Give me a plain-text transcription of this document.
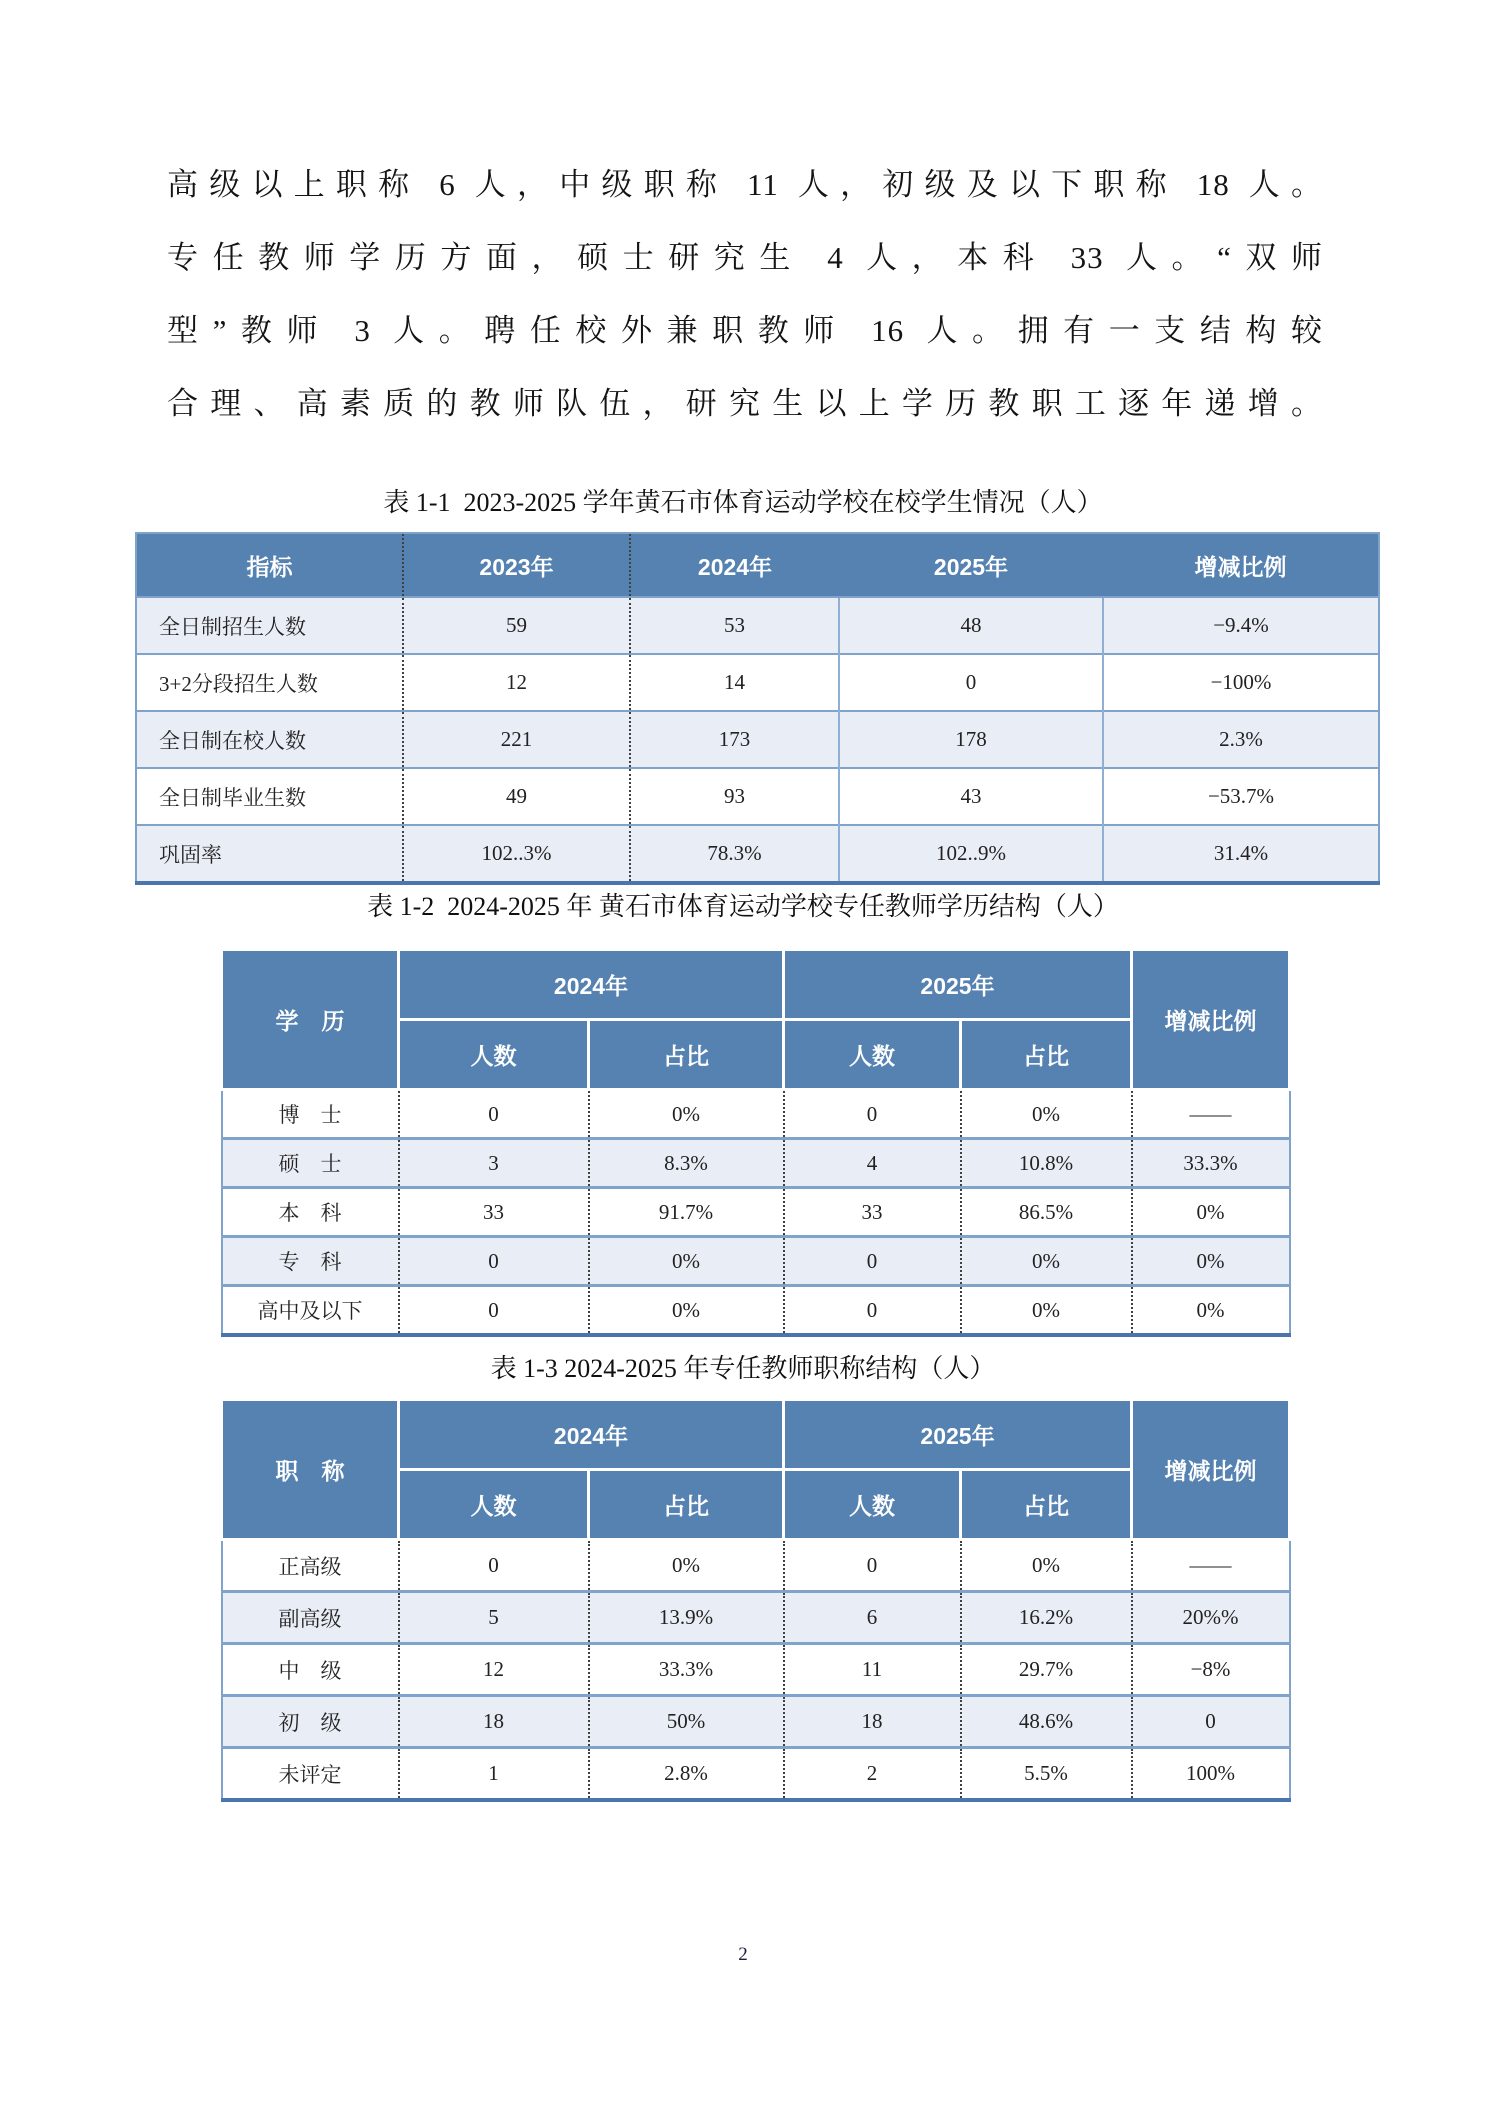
高级以上职称 6 人，中级职称 11 人，初级及以下职称 18 人。
专任教师学历方面，硕士研究生 4 人，本科 33 人。“双师
型”教师 3 人。聘任校外兼职教师 16 人。拥有一支结构较
合理、高素质的教师队伍，研究生以上学历教职工逐年递增。
表 1-1  2023-2025 学年黄石市体育运动学校在校学生情况（人）
指标	2023年	2024年	2025年	增减比例
全日制招生人数	59	53	48	−9.4%
3+2分段招生人数	12	14	0	−100%
全日制在校人数	221	173	178	2.3%
全日制毕业生数	49	93	43	−53.7%
巩固率	102..3%	78.3%	102..9%	31.4%
表 1-2  2024-2025 年 黄石市体育运动学校专任教师学历结构（人）
学　历	2024年		2025年		增减比例
	人数	占比	人数	占比	
博　士	0	0%	0	0%	——
硕　士	3	8.3%	4	10.8%	33.3%
本　科	33	91.7%	33	86.5%	0%
专　科	0	0%	0	0%	0%
高中及以下	0	0%	0	0%	0%
表 1-3 2024-2025 年专任教师职称结构（人）
职　称	2024年		2025年		增减比例
	人数	占比	人数	占比	
正高级	0	0%	0	0%	——
副高级	5	13.9%	6	16.2%	20%%
中　级	12	33.3%	11	29.7%	−8%
初　级	18	50%	18	48.6%	0
未评定	1	2.8%	2	5.5%	100%
2
